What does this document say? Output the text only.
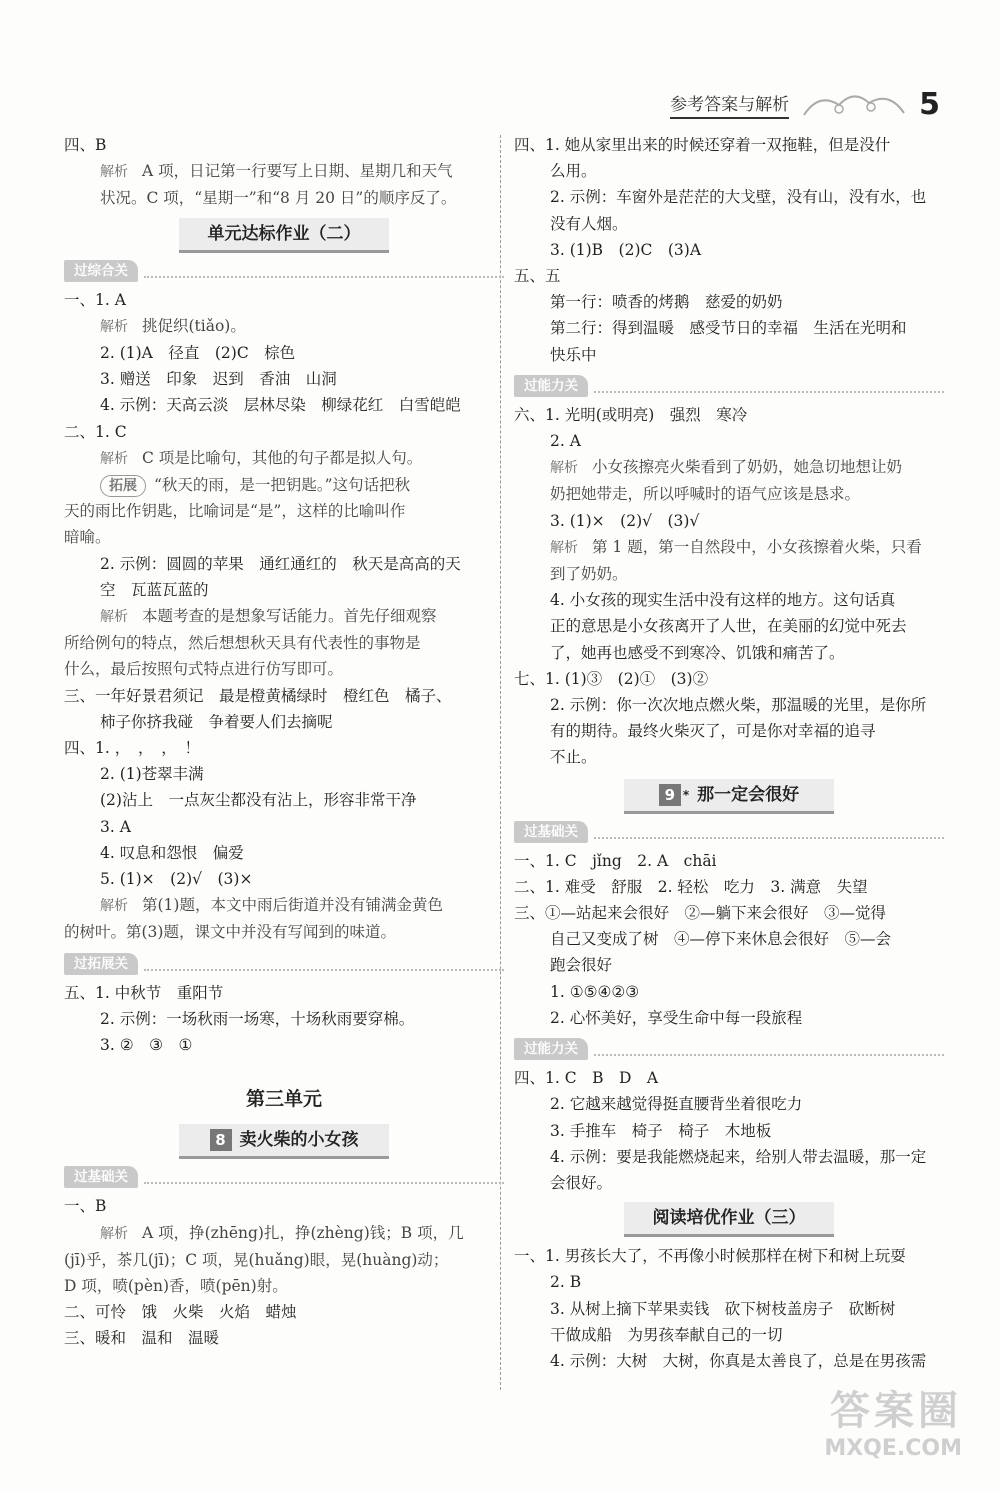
参考答案与解析	5
四、B
解析 A 项，日记第一行要写上日期、星期几和天气
状况。C 项，“星期一”和“8 月 20 日”的顺序反了。
单元达标作业（二）
过综合关
一、1. A
解析 挑促织(tiǎo)。
2. (1)A　径直　(2)C　棕色
3. 赠送　印象　迟到　香油　山洞
4. 示例：天高云淡　层林尽染　柳绿花红　白雪皑皑
二、1. C
解析 C 项是比喻句，其他的句子都是拟人句。
拓展 “秋天的雨，是一把钥匙。”这句话把秋
天的雨比作钥匙，比喻词是“是”，这样的比喻叫作
暗喻。
2. 示例：圆圆的苹果　通红通红的　秋天是高高的天
空　瓦蓝瓦蓝的
解析 本题考查的是想象写话能力。首先仔细观察
所给例句的特点，然后想想秋天具有代表性的事物是
什么，最后按照句式特点进行仿写即可。
三、一年好景君须记　最是橙黄橘绿时　橙红色　橘子、
柿子你挤我碰　争着要人们去摘呢
四、1. ，　，　，　！
2. (1)苍翠丰满
(2)沾上　一点灰尘都没有沾上，形容非常干净
3. A
4. 叹息和怨恨　偏爱
5. (1)×　(2)√　(3)×
解析 第(1)题，本文中雨后街道并没有铺满金黄色
的树叶。第(3)题，课文中并没有写闻到的味道。
过拓展关
五、1. 中秋节　重阳节
2. 示例：一场秋雨一场寒，十场秋雨要穿棉。
3. ②　③　①
第三单元
8 卖火柴的小女孩
过基础关
一、B
解析 A 项，挣(zhēng)扎，挣(zhèng)钱；B 项，几
(jī)乎，茶几(jī)；C 项，晃(huǎng)眼，晃(huàng)动；
D 项，喷(pèn)香，喷(pēn)射。
二、可怜　饿　火柴　火焰　蜡烛
三、暖和　温和　温暖
四、1. 她从家里出来的时候还穿着一双拖鞋，但是没什
么用。
2. 示例：车窗外是茫茫的大戈壁，没有山，没有水，也
没有人烟。
3. (1)B　(2)C　(3)A
五、五
第一行：喷香的烤鹅　慈爱的奶奶
第二行：得到温暖　感受节日的幸福　生活在光明和
快乐中
过能力关
六、1. 光明(或明亮)　强烈　寒冷
2. A
解析 小女孩擦亮火柴看到了奶奶，她急切地想让奶
奶把她带走，所以呼喊时的语气应该是恳求。
3. (1)×　(2)√　(3)√
解析 第 1 题，第一自然段中，小女孩擦着火柴，只看
到了奶奶。
4. 小女孩的现实生活中没有这样的地方。这句话真
正的意思是小女孩离开了人世，在美丽的幻觉中死去
了，她再也感受不到寒冷、饥饿和痛苦了。
七、1. (1)③　(2)①　(3)②
2. 示例：你一次次地点燃火柴，那温暖的光里，是你所
有的期待。最终火柴灭了，可是你对幸福的追寻
不止。
9 * 那一定会很好
过基础关
一、1. C　jǐng　2. A　chāi
二、1. 难受　舒服　2. 轻松　吃力　3. 满意　失望
三、①—站起来会很好　②—躺下来会很好　③—觉得
自己又变成了树　④—停下来休息会很好　⑤—会
跑会很好
1. ①⑤④②③
2. 心怀美好，享受生命中每一段旅程
过能力关
四、1. C　B　D　A
2. 它越来越觉得挺直腰背坐着很吃力
3. 手推车　椅子　椅子　木地板
4. 示例：要是我能燃烧起来，给别人带去温暖，那一定
会很好。
阅读培优作业（三）
一、1. 男孩长大了，不再像小时候那样在树下和树上玩耍
2. B
3. 从树上摘下苹果卖钱　砍下树枝盖房子　砍断树
干做成船　为男孩奉献自己的一切
4. 示例：大树　大树，你真是太善良了，总是在男孩需
答案圈
MXQE.COM
